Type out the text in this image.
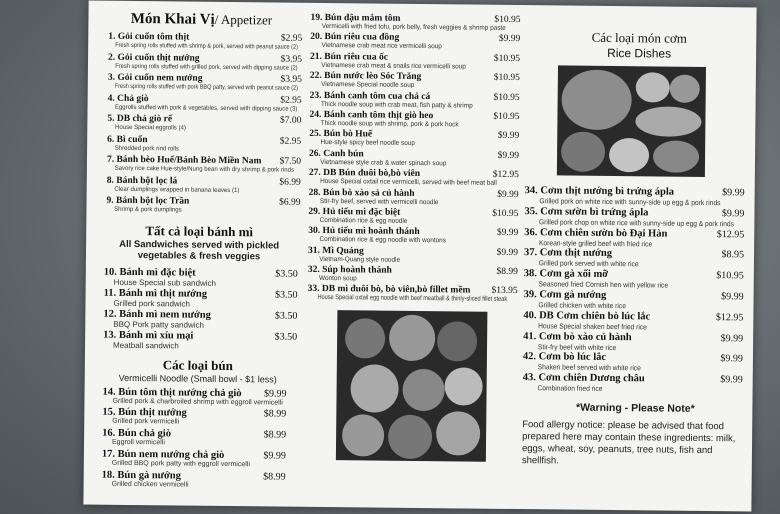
Món Khai Vị/ Appetizer
1. Gỏi cuốn tôm thịt	$2.95
Fresh spring rolls stuffed with shrimp & pork, served with peanut sauce (2)
2. Gỏi cuốn thịt nướng	$3.95
Fresh spring rolls stuffed with grilled pork, served with dipping sauce (2)
3. Gỏi cuốn nem nướng	$3.95
Fresh spring rolls stuffed with pork BBQ patty, served with peanut sauce (2)
4. Chả giò	$2.95
Eggrolls stuffed with pork & vegetables, served with dipping sauce (3)
5. DB chả giò rế	$7.00
House Special eggrolls (4)
6. Bì cuốn	$2.95
Shredded pork rind rolls
7. Bánh bèo Huế/Bánh Bèo Miền Nam $7.50
Savory rice cake Hue-style/Nung bean with dry shrimp & pork rinds
8. Bánh bột lọc lá	$6.99
Clear dumplings wrapped in banana leaves (1)
9. Bánh bột lọc Trần	$6.99
Shrimp & pork dumplings
Tất cả loại bánh mì
All Sandwiches served with pickled vegetables & fresh veggies
10. Bánh mì đặc biệt	$3.50
House Special sub sandwich
11. Bánh mì thịt nướng	$3.50
Grilled pork sandwich
12. Bánh mì nem nướng	$3.50
BBQ Pork patty sandwich
13. Bánh mì xíu mại	$3.50
Meatball sandwich
Các loại bún
Vermicelli Noodle (Small bowl - $1 less)
14. Bún tôm thịt nướng chả giò $9.99
Grilled pork & charbroiled shrimp with eggroll vermicelli
15. Bún thịt nướng	$8.99
Grilled pork vermicelli
16. Bún chả giò	$8.99
Eggroll vermicelli
17. Bún nem nướng chả giò	$9.99
Grilled BBQ pork patty with eggroll vermicelli
18. Bún gà nướng	$8.99
Grilled chicken vermicelli
19. Bún đậu mắm tôm	$10.95
Vermicelli with fried tofu, pork belly, fresh veggies & shrimp paste
20. Bún riêu cua đồng	$9.99
Vietnamese crab meat rice vermicelli soup
21. Bún riêu cua ốc	$10.95
Vietnamese crab meat & snails rice vermicelli soup
22. Bún nước lèo Sóc Trăng	$10.95
Vietnamese Special noodle soup
23. Bánh canh tôm cua chả cá	$10.95
Thick noodle soup with crab meat, fish patty & shrimp
24. Bánh canh tôm thịt giò heo	$10.95
Thick noodle soup with shrimp, pork & pork hock
25. Bún bò Huế	$9.99
Hue-style spicy beef noodle soup
26. Canh bún	$9.99
Vietnamese style crab & water spinach soup
27. DB Bún đuôi bò,bò viên	$12.95
House Special oxtail rice vermicelli, served with beef meat ball
28. Bún bò xào sả củ hành	$9.99
Stir-fry beef, served with vermicelli noodle
29. Hủ tiếu mì đặc biệt	$10.95
Combination rice & egg noodle
30. Hủ tiếu mì hoành thánh	$9.99
Combination rice & egg noodle with wontons
31. Mì Quảng	$9.99
Vietnam-Quang style noodle
32. Súp hoành thánh	$8.99
Wonton soup
33. DB mì đuôi bò, bò viên,bò fillet mềm $13.95
House Special oxtail egg noodle with beef meatball & thinly-sliced fillet steak
Các loại món cơm
Rice Dishes
34. Cơm thịt nướng bì trứng ápla	$9.99
Grilled pork on white rice with sunny-side up egg & pork rinds
35. Cơm sườn bì trứng ápla	$9.99
Grilled pork chop on white rice with sunny-side up egg & pork rinds
36. Cơm chiên sườn bò Đại Hàn	$12.95
Korean-style grilled beef with fried rice
37. Cơm thịt nướng	$8.95
Grilled pork served with white rice
38. Cơm gà xối mỡ	$10.95
Seasoned fried Cornish hen with yellow rice
39. Cơm gà nướng	$9.99
Grilled chicken with white rice
40. DB Cơm chiên bò lúc lắc	$12.95
House Special shaken beef fried rice
41. Cơm bò xào củ hành	$9.99
Stir-fry beef with white rice
42. Cơm bò lúc lắc	$9.99
Shaken beef served with white rice
43. Cơm chiên Dương châu	$9.99
Combination fried rice
*Warning - Please Note*
Food allergy notice: please be advised that food prepared here may contain these ingredients: milk, eggs, wheat, soy, peanuts, tree nuts, fish and shellfish.
